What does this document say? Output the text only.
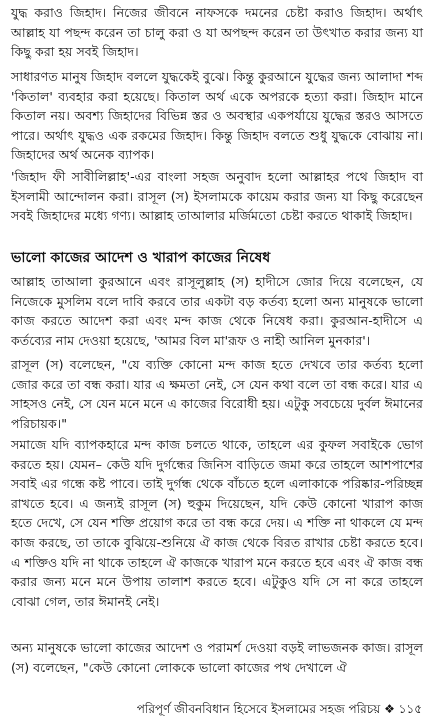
যুদ্ধ করাও জিহাদ। নিজের জীবনে নাফসকে দমনের চেষ্টা করাও জিহাদ। অর্থাৎ আল্লাহ যা পছন্দ করেন তা চালু করা ও যা অপছন্দ করেন তা উৎখাত করার জন্য যা কিছু করা হয় সবই জিহাদ।

সাধারণত মানুষ জিহাদ বললে যুদ্ধকেই বুঝে। কিন্তু কুরআনে যুদ্ধের জন্য আলাদা শব্দ 'কিতাল' ব্যবহার করা হয়েছে। কিতাল অর্থ একে অপরকে হত্যা করা। জিহাদ মানে কিতাল নয়। অবশ্য জিহাদের বিভিন্ন স্তর ও অবস্থার একপর্যায়ে যুদ্ধের স্তরও আসতে পারে। অর্থাৎ যুদ্ধও এক রকমের জিহাদ। কিন্তু জিহাদ বলতে শুধু যুদ্ধকে বোঝায় না। জিহাদের অর্থ অনেক ব্যাপক।

'জিহাদ ফী সাবীলিল্লাহ'-এর বাংলা সহজ অনুবাদ হলো আল্লাহর পথে জিহাদ বা ইসলামী আন্দোলন করা। রাসূল (স) ইসলামকে কায়েম করার জন্য যা কিছু করেছেন সবই জিহাদের মধ্যে গণ্য। আল্লাহ তাআলার মর্জিমতো চেষ্টা করতে থাকাই জিহাদ।

ভালো কাজের আদেশ ও খারাপ কাজের নিষেধ

আল্লাহ তাআলা কুরআনে এবং রাসূলুল্লাহ (স) হাদীসে জোর দিয়ে বলেছেন, যে নিজেকে মুসলিম বলে দাবি করবে তার একটা বড় কর্তব্য হলো অন্য মানুষকে ভালো কাজ করতে আদেশ করা এবং মন্দ কাজ থেকে নিষেধ করা। কুরআন-হাদীসে এ কর্তব্যের নাম দেওয়া হয়েছে, 'আমর বিল মা'রূফ ও নাহী আনিল মুনকার'।

রাসূল (স) বলেছেন, "যে ব্যক্তি কোনো মন্দ কাজ হতে দেখবে তার কর্তব্য হলো জোর করে তা বন্ধ করা। যার এ ক্ষমতা নেই, সে যেন কথা বলে তা বন্ধ করে। যার এ সাহসও নেই, সে যেন মনে মনে এ কাজের বিরোধী হয়। এটুকু সবচেয়ে দুর্বল ঈমানের পরিচায়ক।"

সমাজে যদি ব্যাপকহারে মন্দ কাজ চলতে থাকে, তাহলে এর কুফল সবাইকে ভোগ করতে হয়। যেমন– কেউ যদি দুর্গন্ধের জিনিস বাড়িতে জমা করে তাহলে আশপাশের সবাই এর গন্ধে কষ্ট পাবে। তাই দুর্গন্ধ থেকে বাঁচতে হলে এলাকাকে পরিষ্কার-পরিচ্ছন্ন রাখতে হবে। এ জন্যই রাসূল (স) হুকুম দিয়েছেন, যদি কেউ কোনো খারাপ কাজ হতে দেখে, সে যেন শক্তি প্রয়োগ করে তা বন্ধ করে দেয়। এ শক্তি না থাকলে যে মন্দ কাজ করছে, তা তাকে বুঝিয়ে-শুনিয়ে ঐ কাজ থেকে বিরত রাখার চেষ্টা করতে হবে। এ শক্তিও যদি না থাকে তাহলে ঐ কাজকে খারাপ মনে করতে হবে এবং ঐ কাজ বন্ধ করার জন্য মনে মনে উপায় তালাশ করতে হবে। এটুকুও যদি সে না করে তাহলে বোঝা গেল, তার ঈমানই নেই।

অন্য মানুষকে ভালো কাজের আদেশ ও পরামর্শ দেওয়া বড়ই লাভজনক কাজ। রাসূল (স) বলেছেন, "কেউ কোনো লোককে ভালো কাজের পথ দেখালে ঐ

পরিপূর্ণ জীবনবিধান হিসেবে ইসলামের সহজ পরিচয় ❖ ১১৫
